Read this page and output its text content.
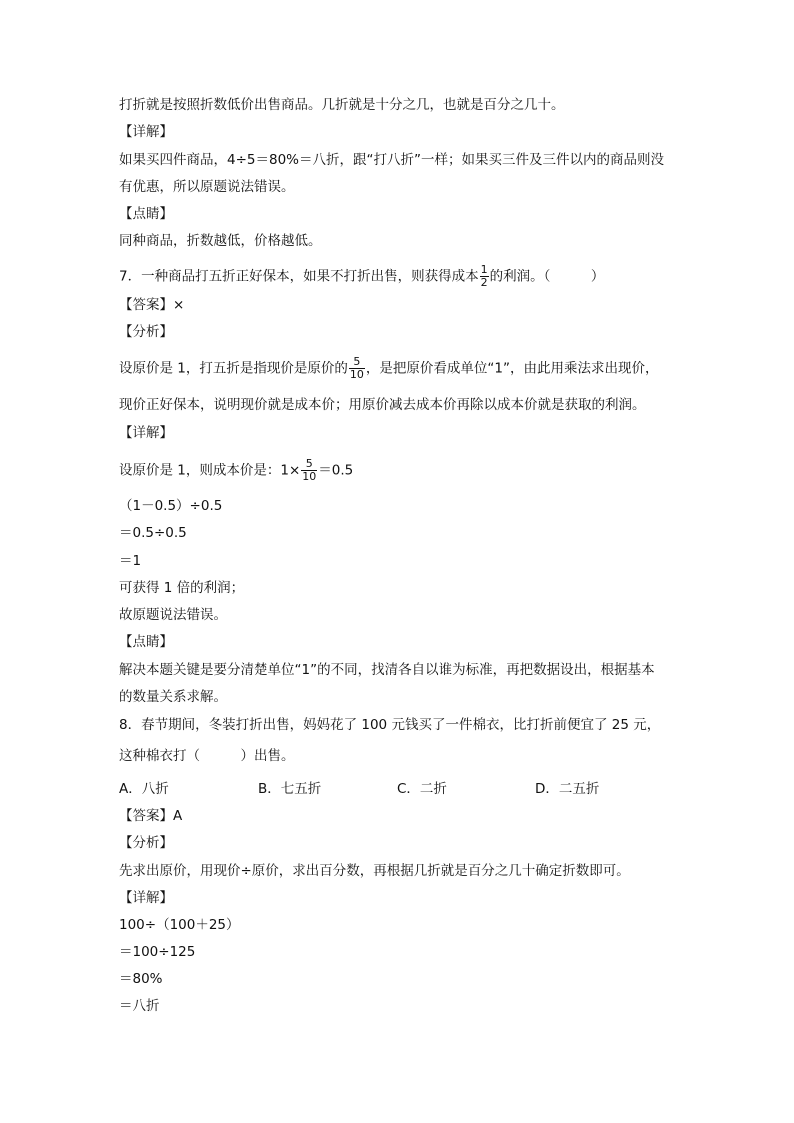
打折就是按照折数低价出售商品。几折就是十分之几，也就是百分之几十。
【详解】
如果买四件商品，4÷5＝80%＝八折，跟“打八折”一样；如果买三件及三件以内的商品则没
有优惠，所以原题说法错误。
【点睛】
同种商品，折数越低，价格越低。
7．一种商品打五折正好保本，如果不打折出售，则获得成本 $\frac{1}{2}$ 的利润。（　　　）
【答案】×
【分析】
设原价是 1，打五折是指现价是原价的 $\frac{5}{10}$ ，是把原价看成单位“1”，由此用乘法求出现价，
现价正好保本，说明现价就是成本价；用原价减去成本价再除以成本价就是获取的利润。
【详解】
设原价是 1，则成本价是：$1\times \frac{5}{10} =0.5$
（1－0.5）÷0.5
＝0.5÷0.5
＝1
可获得 1 倍的利润；
故原题说法错误。
【点睛】
解决本题关键是要分清楚单位“1”的不同，找清各自以谁为标准，再把数据设出，根据基本
的数量关系求解。
8．春节期间，冬装打折出售，妈妈花了 100 元钱买了一件棉衣，比打折前便宜了 25 元，
这种棉衣打（　　　）出售。
A．八折	B．七五折	C．二折	D．二五折
【答案】A
【分析】
先求出原价，用现价÷原价，求出百分数，再根据几折就是百分之几十确定折数即可。
【详解】
100÷（100＋25）
＝100÷125
＝80%
＝八折
